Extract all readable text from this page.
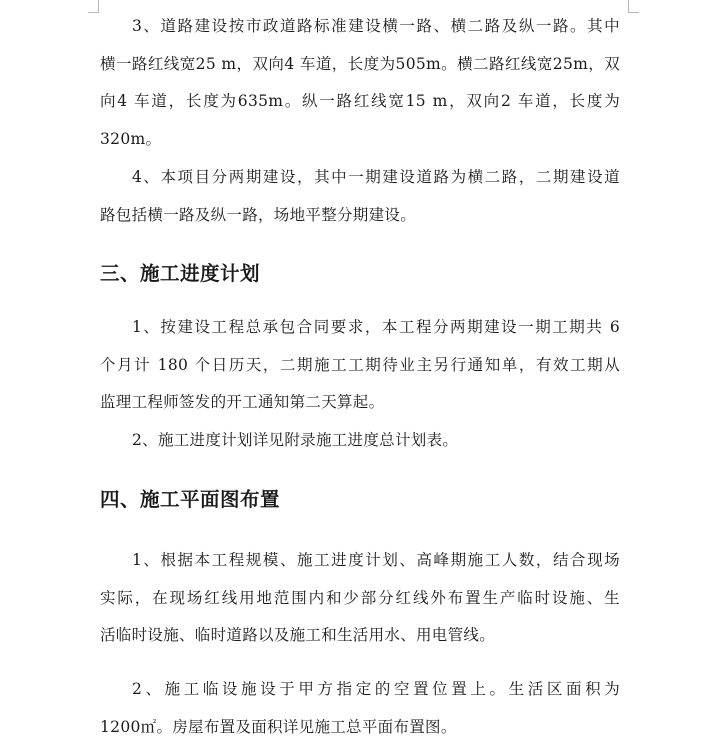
3、道路建设按市政道路标准建设横一路、横二路及纵一路。其中
横一路红线宽25 m，双向4 车道，长度为505m。横二路红线宽25m，双
向4 车道，长度为635m。纵一路红线宽15 m，双向2 车道，长度为
320m。

4、本项目分两期建设，其中一期建设道路为横二路，二期建设道
路包括横一路及纵一路，场地平整分期建设。

三、施工进度计划

1、按建设工程总承包合同要求，本工程分两期建设一期工期共 6
个月计 180 个日历天，二期施工工期待业主另行通知单，有效工期从
监理工程师签发的开工通知第二天算起。

2、施工进度计划详见附录施工进度总计划表。

四、施工平面图布置

1、根据本工程规模、施工进度计划、高峰期施工人数，结合现场
实际，在现场红线用地范围内和少部分红线外布置生产临时设施、生
活临时设施、临时道路以及施工和生活用水、用电管线。

2、施工临设施设于甲方指定的空置位置上。生活区面积为
1200㎡。房屋布置及面积详见施工总平面布置图。
